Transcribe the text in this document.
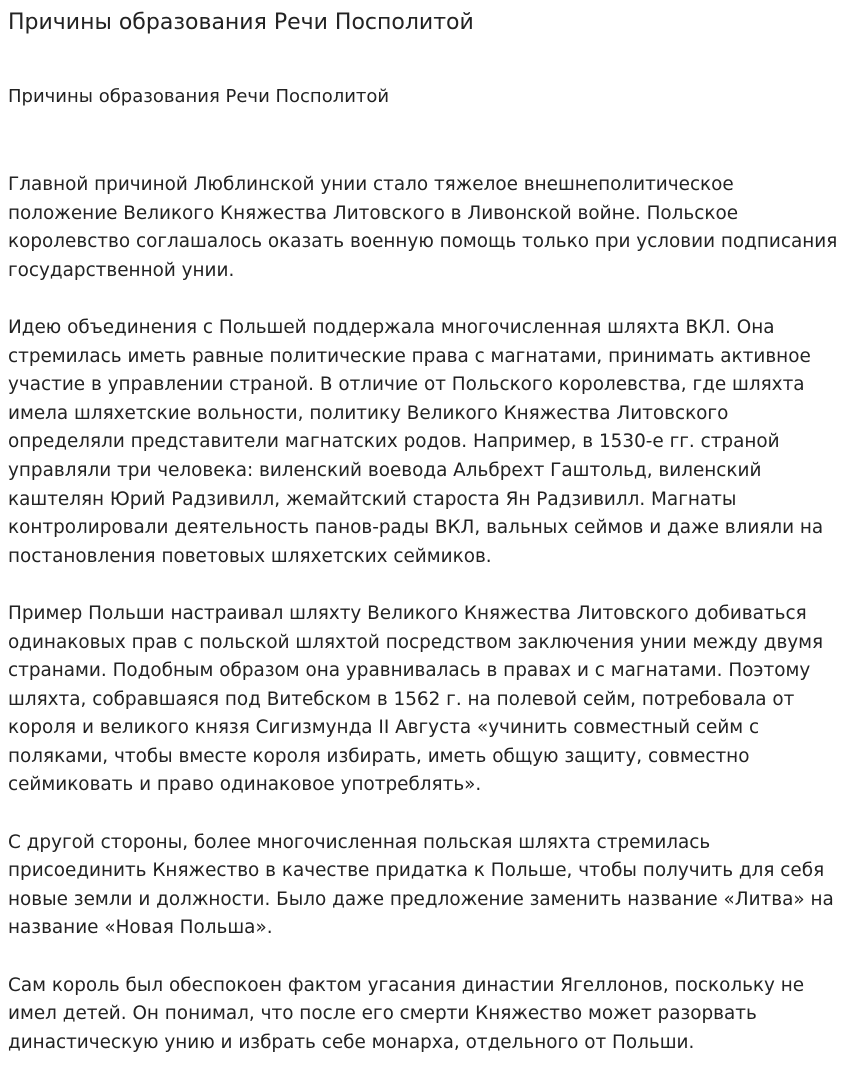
Причины образования Речи Посполитой
Причины образования Речи Посполитой

Главной причиной Люблинской унии стало тяжелое внешнеполитическое положение Великого Княжества Литовского в Ливонской войне. Польское королевство соглашалось оказать военную помощь только при условии подписания государственной унии.

Идею объединения с Польшей поддержала многочисленная шляхта ВКЛ. Она стремилась иметь равные политические права с магнатами, принимать активное участие в управлении страной. В отличие от Польского королевства, где шляхта имела шляхетские вольности, политику Великого Княжества Литовского определяли представители магнатских родов. Например, в 1530-е гг. страной управляли три человека: виленский воевода Альбрехт Гаштольд, виленский каштелян Юрий Радзивилл, жемайтский староста Ян Радзивилл. Магнаты контролировали деятельность панов-рады ВКЛ, вальных сеймов и даже влияли на постановления поветовых шляхетских сеймиков.

Пример Польши настраивал шляхту Великого Княжества Литовского добиваться одинаковых прав с польской шляхтой посредством заключения унии между двумя странами. Подобным образом она уравнивалась в правах и с магнатами. Поэтому шляхта, собравшаяся под Витебском в 1562 г. на полевой сейм, потребовала от короля и великого князя Сигизмунда II Августа «учинить совместный сейм с поляками, чтобы вместе короля избирать, иметь общую защиту, совместно сеймиковать и право одинаковое употреблять».

С другой стороны, более многочисленная польская шляхта стремилась присоединить Княжество в качестве придатка к Польше, чтобы получить для себя новые земли и должности. Было даже предложение заменить название «Литва» на название «Новая Польша».

Сам король был обеспокоен фактом угасания династии Ягеллонов, поскольку не имел детей. Он понимал, что после его смерти Княжество может разорвать династическую унию и избрать себе монарха, отдельного от Польши.
